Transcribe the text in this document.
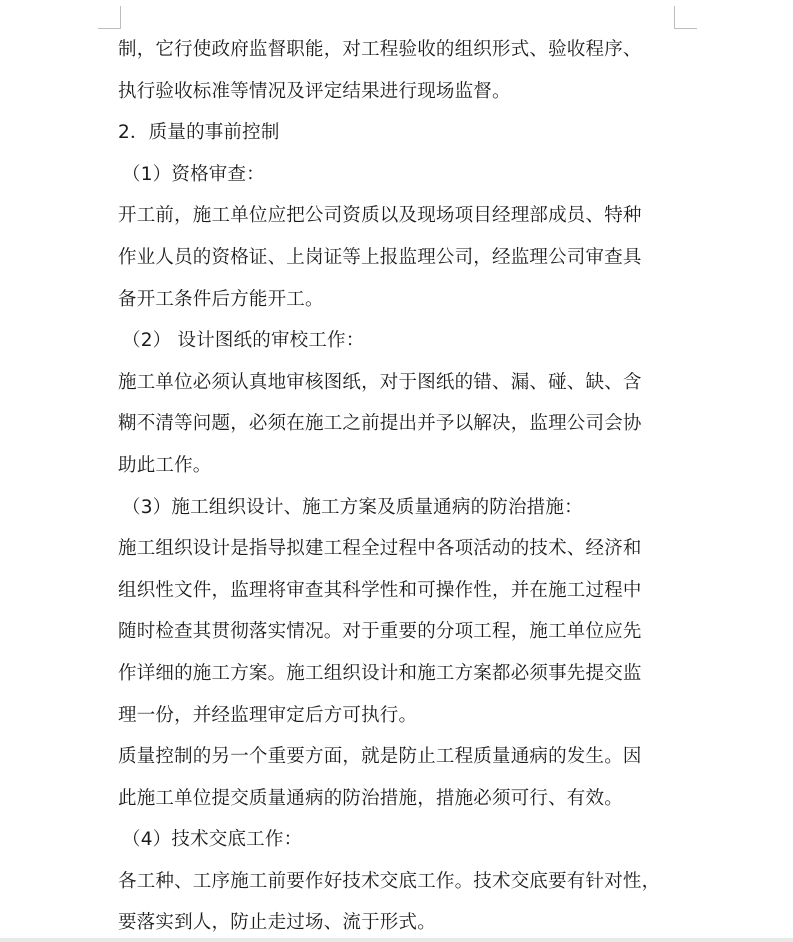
制，它行使政府监督职能，对工程验收的组织形式、验收程序、
执行验收标准等情况及评定结果进行现场监督。
2．质量的事前控制
（1）资格审查：
开工前，施工单位应把公司资质以及现场项目经理部成员、特种
作业人员的资格证、上岗证等上报监理公司，经监理公司审查具
备开工条件后方能开工。
（2） 设计图纸的审校工作：
施工单位必须认真地审核图纸，对于图纸的错、漏、碰、缺、含
糊不清等问题，必须在施工之前提出并予以解决，监理公司会协
助此工作。
（3）施工组织设计、施工方案及质量通病的防治措施：
施工组织设计是指导拟建工程全过程中各项活动的技术、经济和
组织性文件，监理将审查其科学性和可操作性，并在施工过程中
随时检查其贯彻落实情况。对于重要的分项工程，施工单位应先
作详细的施工方案。施工组织设计和施工方案都必须事先提交监
理一份，并经监理审定后方可执行。
质量控制的另一个重要方面，就是防止工程质量通病的发生。因
此施工单位提交质量通病的防治措施，措施必须可行、有效。
（4）技术交底工作：
各工种、工序施工前要作好技术交底工作。技术交底要有针对性，
要落实到人，防止走过场、流于形式。
